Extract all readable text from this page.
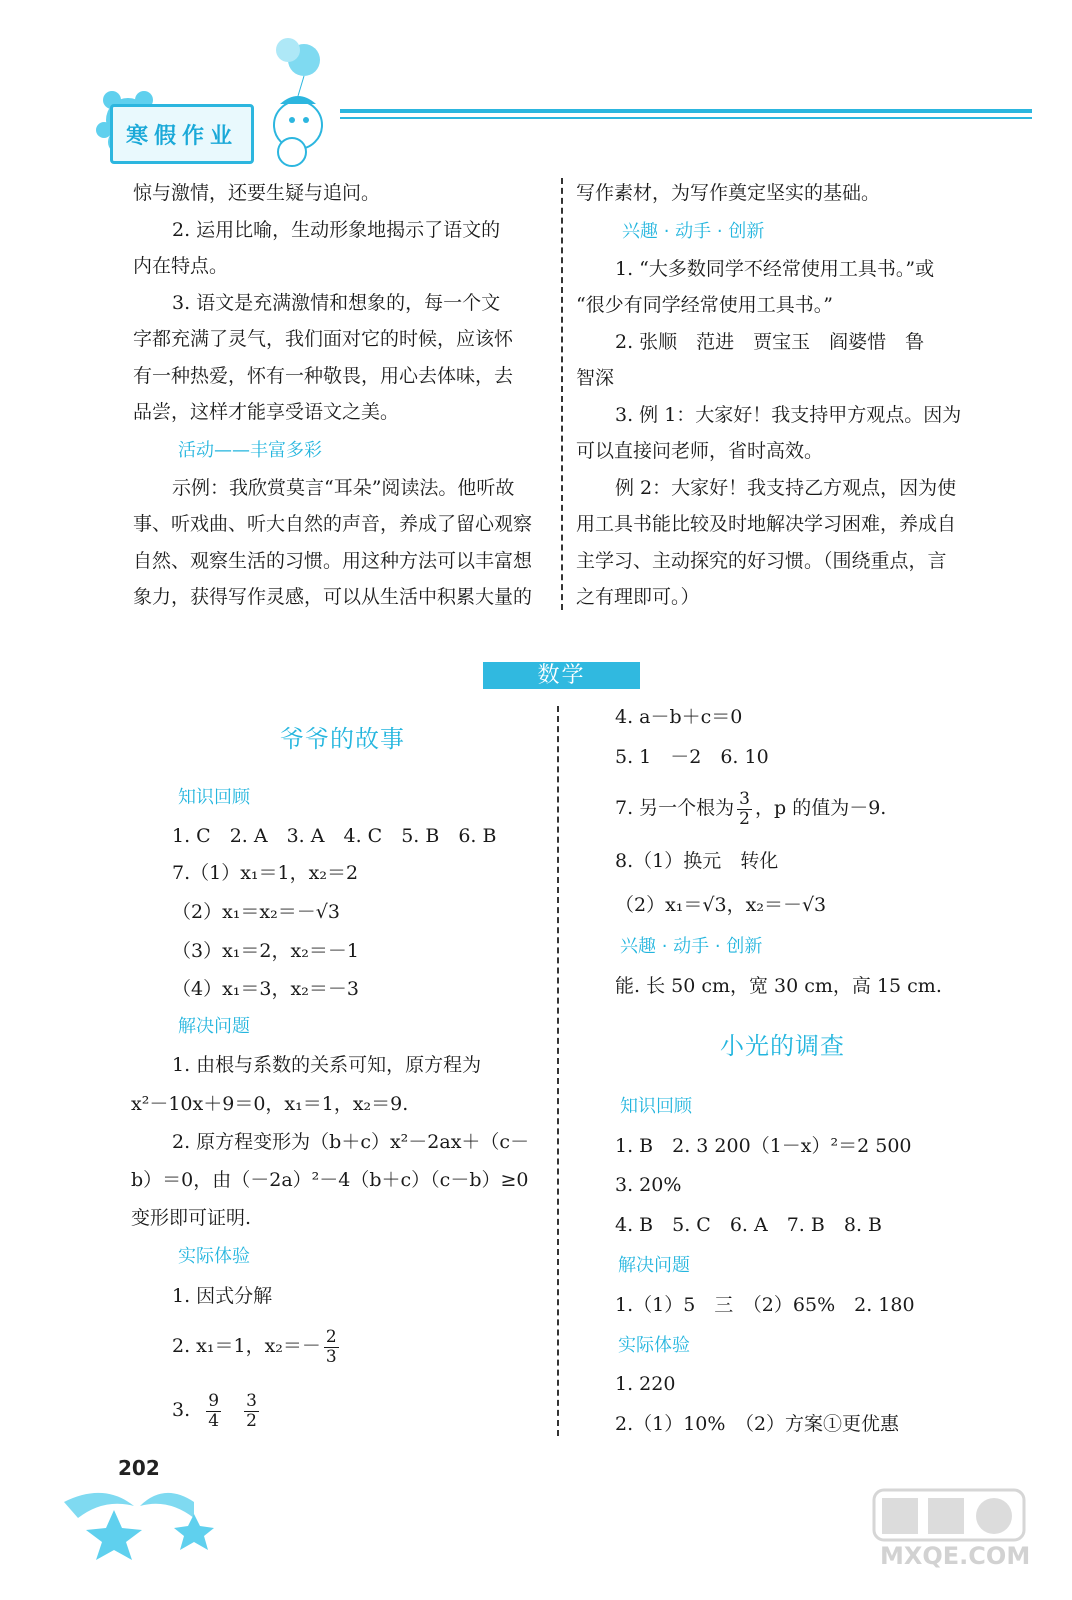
寒假作业
惊与激情，还要生疑与追问。
2. 运用比喻，生动形象地揭示了语文的
内在特点。
3. 语文是充满激情和想象的，每一个文
字都充满了灵气，我们面对它的时候，应该怀
有一种热爱，怀有一种敬畏，用心去体味，去
品尝，这样才能享受语文之美。
活动——丰富多彩
示例：我欣赏莫言“耳朵”阅读法。他听故
事、听戏曲、听大自然的声音，养成了留心观察
自然、观察生活的习惯。用这种方法可以丰富想
象力，获得写作灵感，可以从生活中积累大量的
写作素材，为写作奠定坚实的基础。
兴趣 · 动手 · 创新
1. “大多数同学不经常使用工具书。”或
“很少有同学经常使用工具书。”
2. 张顺　范进　贾宝玉　阎婆惜　鲁
智深
3. 例 1：大家好！我支持甲方观点。因为
可以直接问老师，省时高效。
例 2：大家好！我支持乙方观点，因为使
用工具书能比较及时地解决学习困难，养成自
主学习、主动探究的好习惯。（围绕重点，言
之有理即可。）
数学
爷爷的故事
知识回顾
1. C　2. A　3. A　4. C　5. B　6. B
7.（1）x₁＝1，x₂＝2
（2）x₁＝x₂＝－√3
（3）x₁＝2，x₂＝－1
（4）x₁＝3，x₂＝－3
解决问题
1. 由根与系数的关系可知，原方程为
x²－10x＋9＝0，x₁＝1，x₂＝9.
2. 原方程变形为（b＋c）x²－2ax＋（c－
b）＝0，由（－2a）²－4（b＋c）（c－b）≥0
变形即可证明.
实际体验
1. 因式分解
2. x₁＝1，$x_2=- \frac{2}{3}$
3. $\frac{9}{4}$
$\frac{3}{2}$
4. a－b＋c＝0
5. 1　－2　6. 10
7. 另一个根为 $\frac{3}{2}$ ，p 的值为－9.
8.（1）换元　转化
（2）x₁＝√3，x₂＝－√3
兴趣 · 动手 · 创新
能. 长 50 cm，宽 30 cm，高 15 cm.
小光的调查
知识回顾
1. B　2. 3 200（1－x）²＝2 500
3. 20%
4. B　5. C　6. A　7. B　8. B
解决问题
1.（1）5　三　（2）65%　2. 180
实际体验
1. 220
2.（1）10%　（2）方案①更优惠
202
MXQE.COM
